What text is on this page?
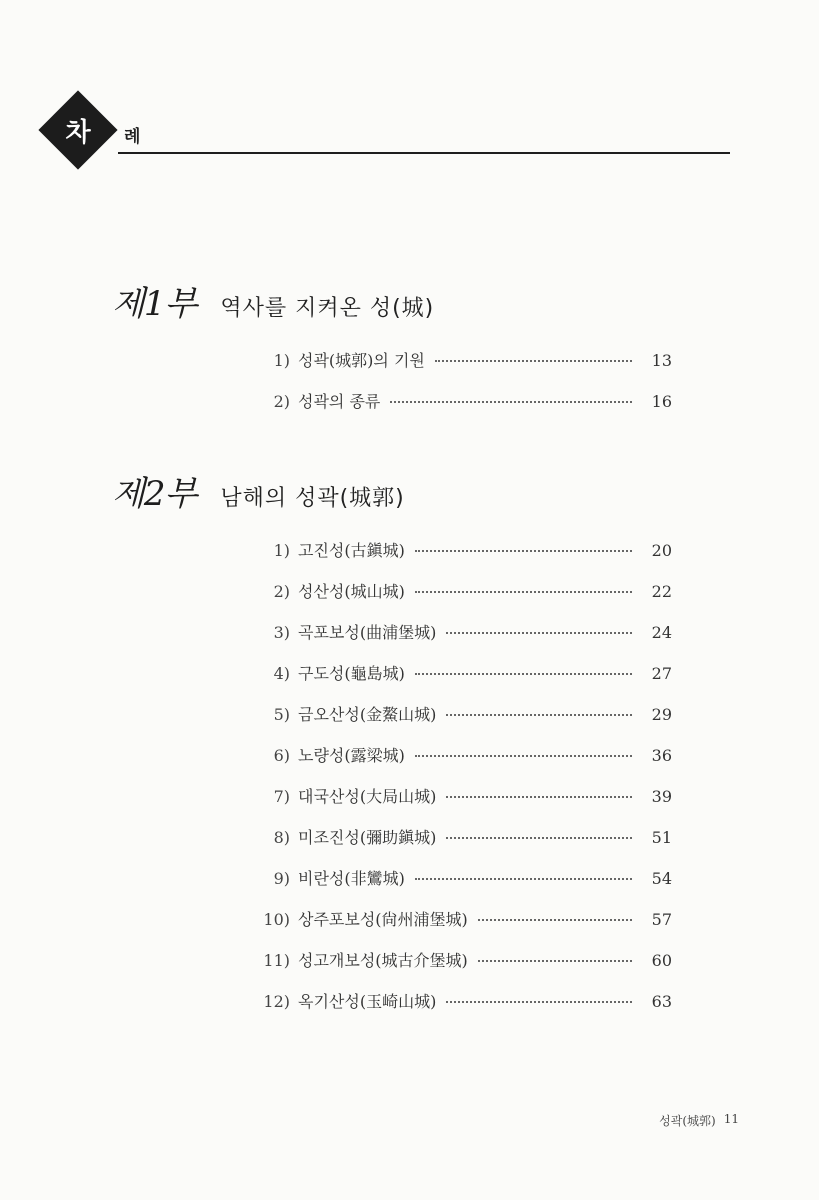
차	례
제1부 역사를 지켜온 성(城)
1) 성곽(城郭)의 기원	13
2) 성곽의 종류	16
제2부 남해의 성곽(城郭)
1) 고진성(古鎭城)	20
2) 성산성(城山城)	22
3) 곡포보성(曲浦堡城)	24
4) 구도성(龜島城)	27
5) 금오산성(金鰲山城)	29
6) 노량성(露梁城)	36
7) 대국산성(大局山城)	39
8) 미조진성(彌助鎭城)	51
9) 비란성(非鸞城)	54
10) 상주포보성(尙州浦堡城)	57
11) 성고개보성(城古介堡城)	60
12) 옥기산성(玉崎山城)	63
성곽(城郭) 11
